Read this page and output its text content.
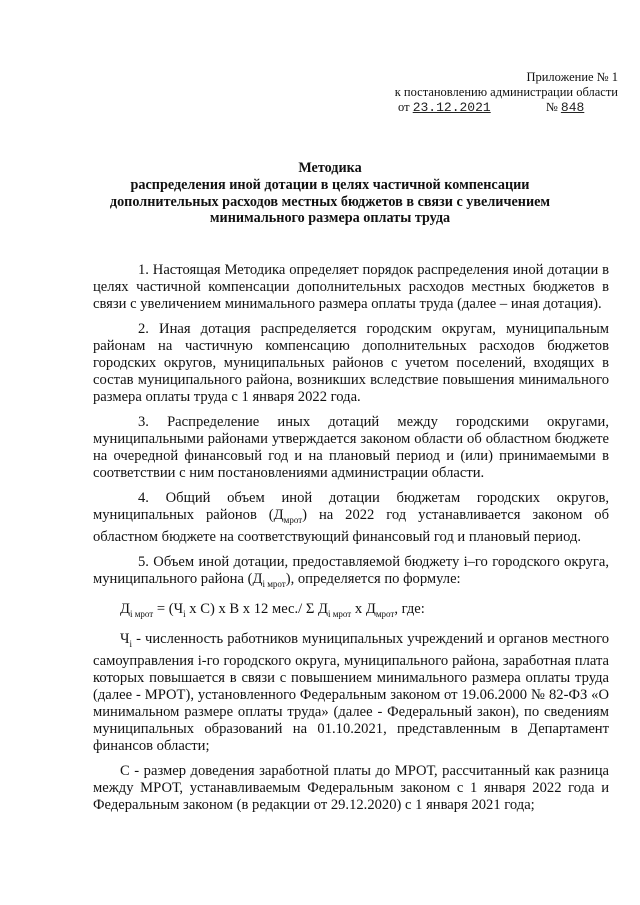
Приложение № 1
к постановлению администрации области
от 23.12.2021	№ 848
Методика
распределения иной дотации в целях частичной компенсации
дополнительных расходов местных бюджетов в связи с увеличением
минимального размера оплаты труда

1. Настоящая Методика определяет порядок распределения иной дотации в целях частичной компенсации дополнительных расходов местных бюджетов в связи с увеличением минимального размера оплаты труда (далее – иная дотация).

2. Иная дотация распределяется городским округам, муниципальным районам на частичную компенсацию дополнительных расходов бюджетов городских округов, муниципальных районов с учетом поселений, входящих в состав муниципального района, возникших вследствие повышения минимального размера оплаты труда с 1 января 2022 года.

3. Распределение иных дотаций между городскими округами, муниципальными районами утверждается законом области об областном бюджете на очередной финансовый год и на плановый период и (или) принимаемыми в соответствии с ним постановлениями администрации области.

4. Общий объем иной дотации бюджетам городских округов, муниципальных районов $(Д_{мрот})$ на 2022 год устанавливается законом об областном бюджете на соответствующий финансовый год и плановый период.

5. Объем иной дотации, предоставляемой бюджету i–го городского округа, муниципального района $(Д_{i мрот})$, определяется по формуле:

$Д_{i мрот} = (Ч_i$ х С) х В х 12 мес./ Σ $Д_{i мрот}$ х $Д_{мрот}$, где:

$Ч_i$ - численность работников муниципальных учреждений и органов местного самоуправления i-го городского округа, муниципального района, заработная плата которых повышается в связи с повышением минимального размера оплаты труда (далее - МРОТ), установленного Федеральным законом от 19.06.2000 № 82-ФЗ «О минимальном размере оплаты труда» (далее - Федеральный закон), по сведениям муниципальных образований на 01.10.2021, представленным в Департамент финансов области;

С - размер доведения заработной платы до МРОТ, рассчитанный как разница между МРОТ, устанавливаемым Федеральным законом с 1 января 2022 года и Федеральным законом (в редакции от 29.12.2020) с 1 января 2021 года;
